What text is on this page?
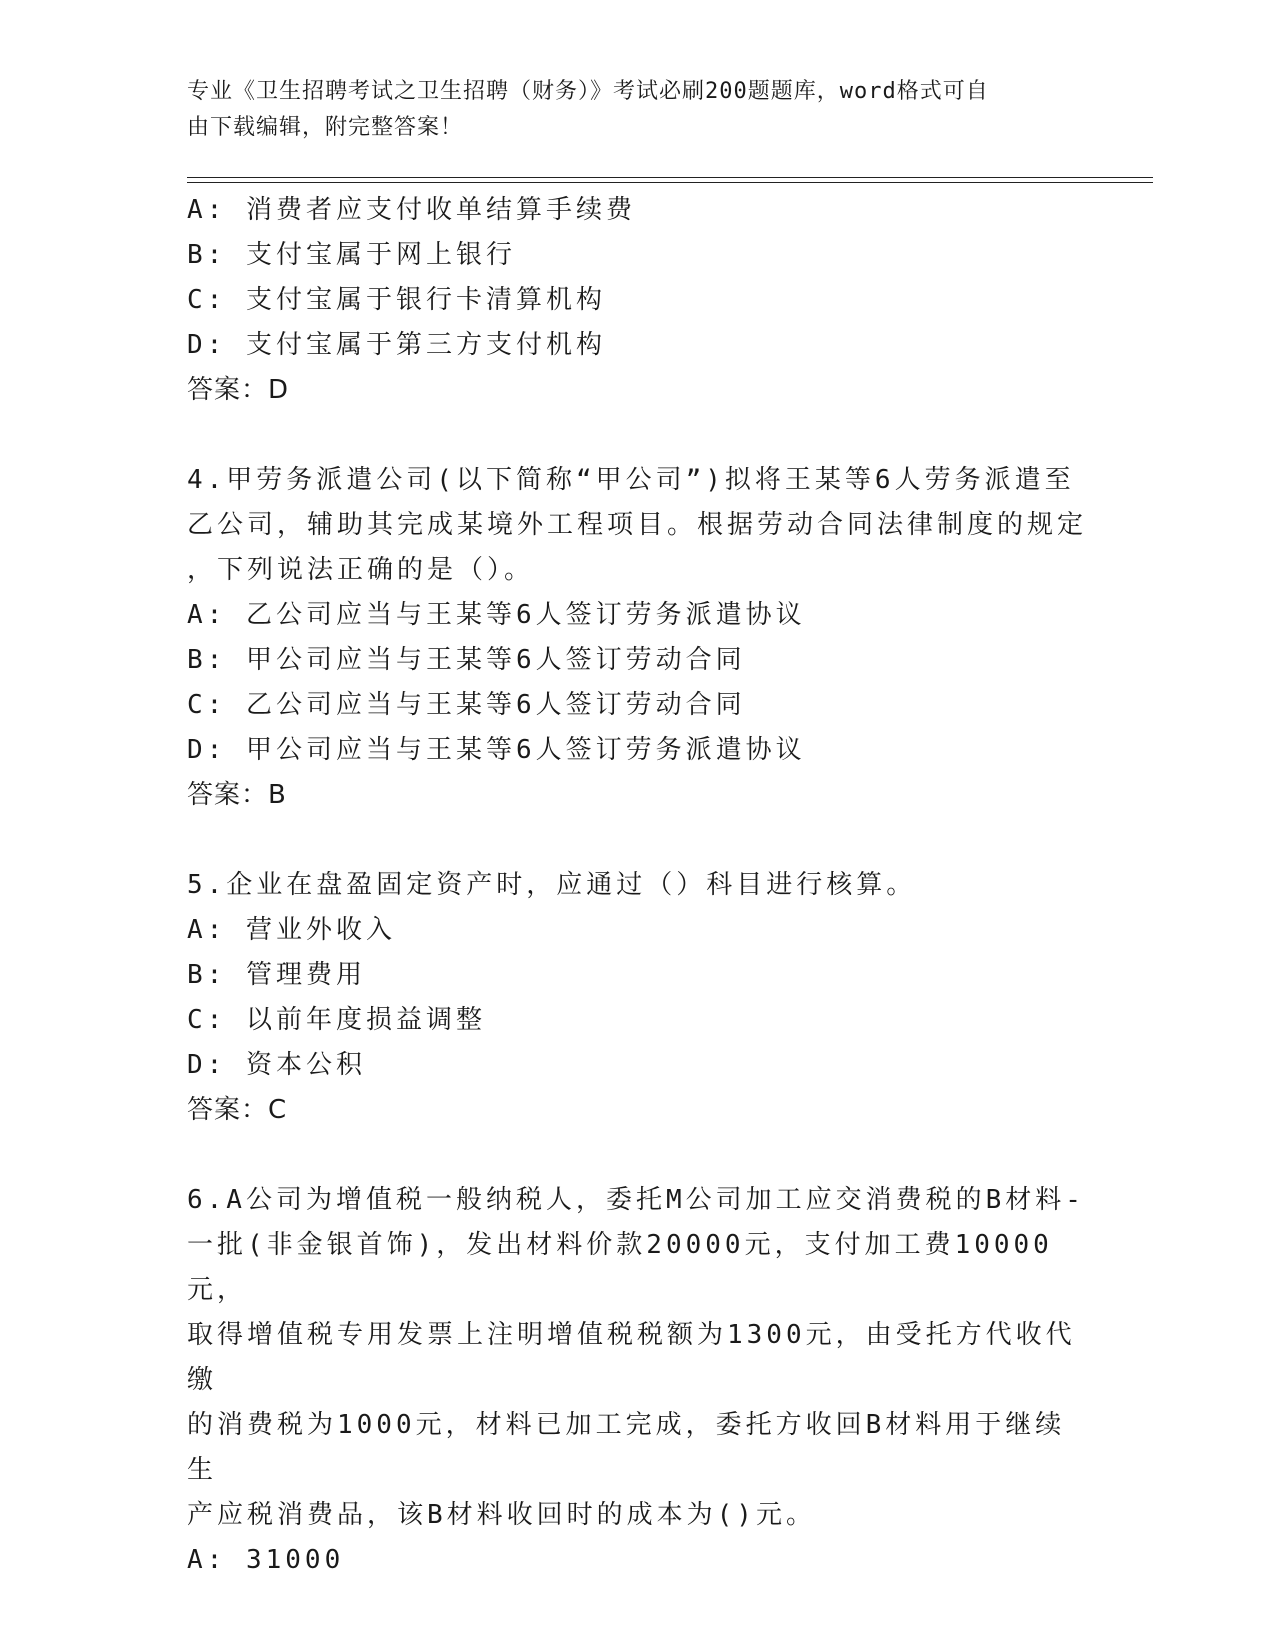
专业《卫生招聘考试之卫生招聘（财务）》考试必刷200题题库，word格式可自
由下载编辑，附完整答案！
A: 消费者应支付收单结算手续费
B: 支付宝属于网上银行
C: 支付宝属于银行卡清算机构
D: 支付宝属于第三方支付机构
答案：D
4.甲劳务派遣公司(以下简称“甲公司”)拟将王某等6人劳务派遣至
乙公司，辅助其完成某境外工程项目。根据劳动合同法律制度的规定
，下列说法正确的是（）。
A: 乙公司应当与王某等6人签订劳务派遣协议
B: 甲公司应当与王某等6人签订劳动合同
C: 乙公司应当与王某等6人签订劳动合同
D: 甲公司应当与王某等6人签订劳务派遣协议
答案：B
5.企业在盘盈固定资产时，应通过（）科目进行核算。
A: 营业外收入
B: 管理费用
C: 以前年度损益调整
D: 资本公积
答案：C
6.A公司为增值税一般纳税人，委托M公司加工应交消费税的B材料-
一批(非金银首饰)，发出材料价款20000元，支付加工费10000元，
取得增值税专用发票上注明增值税税额为1300元，由受托方代收代缴
的消费税为1000元，材料已加工完成，委托方收回B材料用于继续生
产应税消费品，该B材料收回时的成本为()元。
A: 31000
